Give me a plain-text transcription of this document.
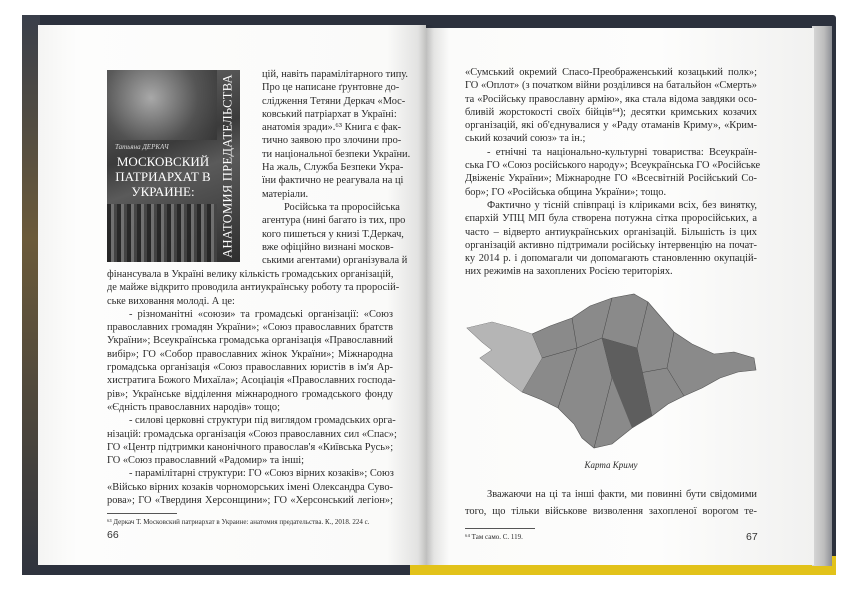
Татьяна ДЕРКАЧ
МОСКОВСКИЙ ПАТРИАРХАТ В УКРАИНЕ:	АНАТОМИЯ ПРЕДАТЕЛЬСТВА	цій, навіть парамілітарного типу.
Про це написане ґрунтовне до-
слідження Тетяни Деркач «Мос-
ковський патріархат в Україні:
анатомія зради».⁶³ Книга є фак-
тично заявою про злочини про-
ти національної безпеки України.
На жаль, Служба Безпеки Укра-
їни фактично не реагувала на ці
матеріали.
Російська та проросійська
агентура (нині багато із тих, про
кого пишеться у книзі Т.Деркач,
вже офіційно визнані москов-
ськими агентами) організувала й
фінансувала в Україні велику кількість громадських організацій,
де майже відкрито проводила антиукраїнську роботу та проросій-
ське виховання молоді. А це:
- різноманітні «союзи» та громадські організації: «Союз
православних громадян України»; «Союз православних братств
України»; Всеукраїнська громадська організація «Православний
вибір»; ГО «Собор православних жінок України»; Міжнародна
громадська організація «Союз православних юристів в ім'я Ар-
хистратига Божого Михаїла»; Асоціація «Православних господа-
рів»; Українське відділення міжнародного громадського фонду
«Єдність православних народів» тощо;
- силові церковні структури під виглядом громадських орга-
нізацій: громадська організація «Союз православних сил «Спас»;
ГО «Центр підтримки канонічного православ'я «Київська Русь»;
ГО «Союз православний «Радомир» та інші;
- парамілітарні структури: ГО «Союз вірних козаків»; Союз
«Військо вірних козаків чорноморських імені Олександра Суво-
рова»; ГО «Твердиня Херсонщини»; ГО «Херсонський легіон»;
⁶³ Деркач Т. Московский патриархат в Украине: анатомия предательства. К., 2018. 224 с.
66
«Сумський окремий Спасо-Преображенський козацький полк»;
ГО «Оплот» (з початком війни розділився на батальйон «Смерть»
та «Російську православну армію», яка стала відома завдяки осо-
бливій жорстокості своїх бійців⁶⁴); десятки кримських козачих
організацій, які об'єднувалися у «Раду отаманів Криму», «Крим-
ський козачий союз» та ін.;
- етнічні та національно-культурні товариства: Всеукраїн-
ська ГО «Союз російського народу»; Всеукраїнська ГО «Російське
Двіженіє України»; Міжнародне ГО «Всесвітній Російський Со-
бор»; ГО «Російська община України»; тощо.
Фактично у тісній співпраці із кліриками всіх, без винятку,
єпархій УПЦ МП була створена потужна сітка проросійських, а
часто – відверто антиукраїнських організацій. Більшість із цих
організацій активно підтримали російську інтервенцію на почат-
ку 2014 р. і допомагали чи допомагають становленню окупацій-
них режимів на захоплених Росією територіях.
Карта Криму
Зважаючи на ці та інші факти, ми повинні бути свідомими
того, що тільки військове визволення захопленої ворогом те-
⁶⁴ Там само. С. 119.	67
